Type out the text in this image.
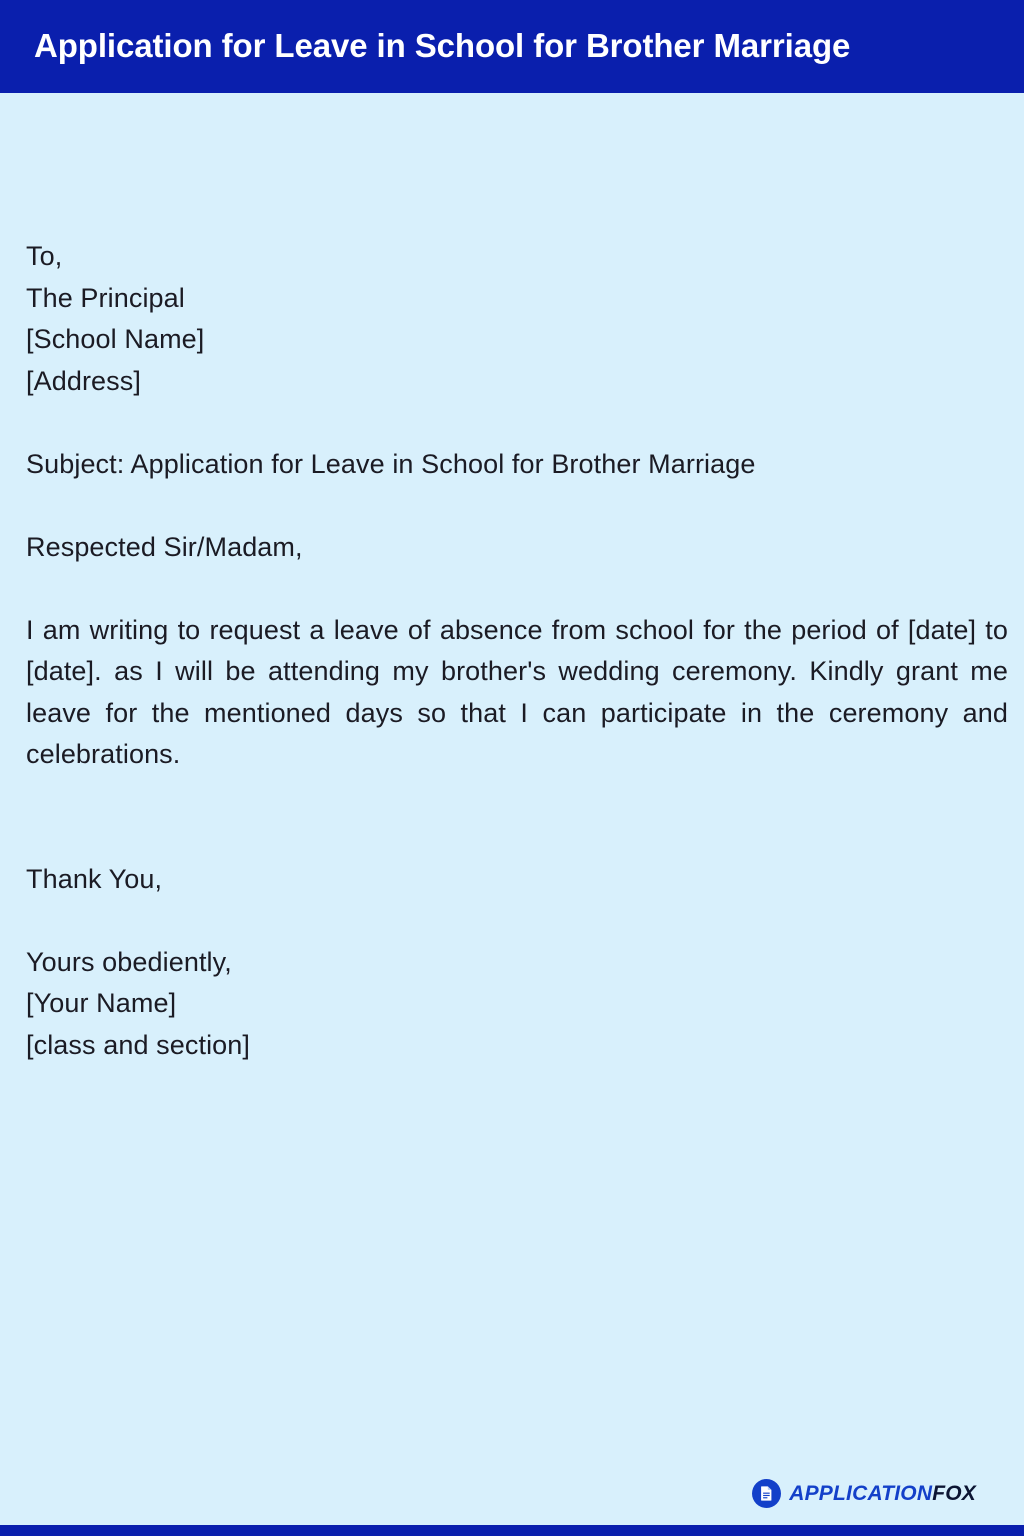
Application for Leave in School for Brother Marriage
To,
The Principal
[School Name]
[Address]
Subject: Application for Leave in School for Brother Marriage
Respected Sir/Madam,

I am writing to request a leave of absence from school for the period of [date] to [date]. as I will be attending my brother's wedding ceremony. Kindly grant me leave for the mentioned days so that I can participate in the ceremony and celebrations.

Thank You,
Yours obediently,
[Your Name]
[class and section]
APPLICATIONFOX
